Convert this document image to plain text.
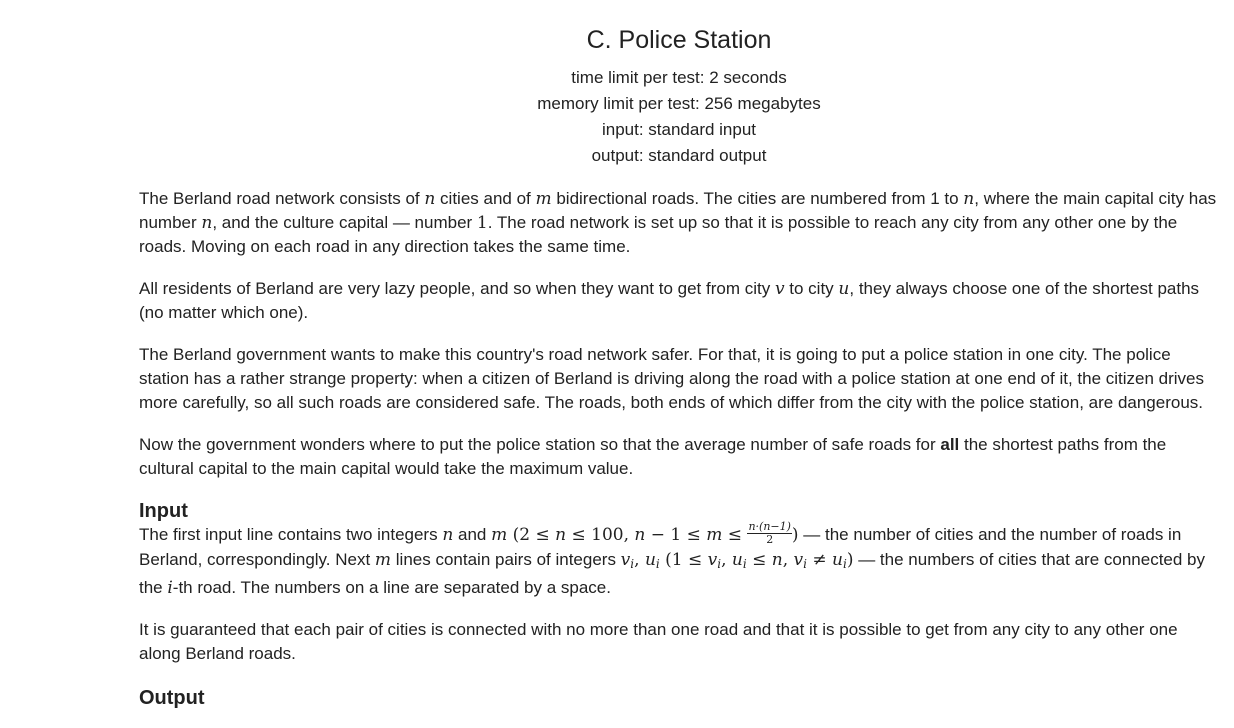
C. Police Station
time limit per test: 2 seconds
memory limit per test: 256 megabytes
input: standard input
output: standard output

The Berland road network consists of n cities and of m bidirectional roads. The cities are numbered from 1 to n, where the main capital city has number n, and the culture capital — number 1. The road network is set up so that it is possible to reach any city from any other one by the roads. Moving on each road in any direction takes the same time.

All residents of Berland are very lazy people, and so when they want to get from city v to city u, they always choose one of the shortest paths (no matter which one).

The Berland government wants to make this country's road network safer. For that, it is going to put a police station in one city. The police station has a rather strange property: when a citizen of Berland is driving along the road with a police station at one end of it, the citizen drives more carefully, so all such roads are considered safe. The roads, both ends of which differ from the city with the police station, are dangerous.

Now the government wonders where to put the police station so that the average number of safe roads for all the shortest paths from the cultural capital to the main capital would take the maximum value.

Input

The first input line contains two integers n and m (2 ≤ n ≤ 100, $n - 1 \le m \le \frac{n\cdot(n-1)}{2}$ ) — the number of cities and the number of roads in Berland, correspondingly. Next m lines contain pairs of integers $v_i$, $u_i$ ($1 \le v_i$, $u_i \le n$, $v_i \ne u_i$) — the numbers of cities that are connected by the i-th road. The numbers on a line are separated by a space.

It is guaranteed that each pair of cities is connected with no more than one road and that it is possible to get from any city to any other one along Berland roads.

Output
